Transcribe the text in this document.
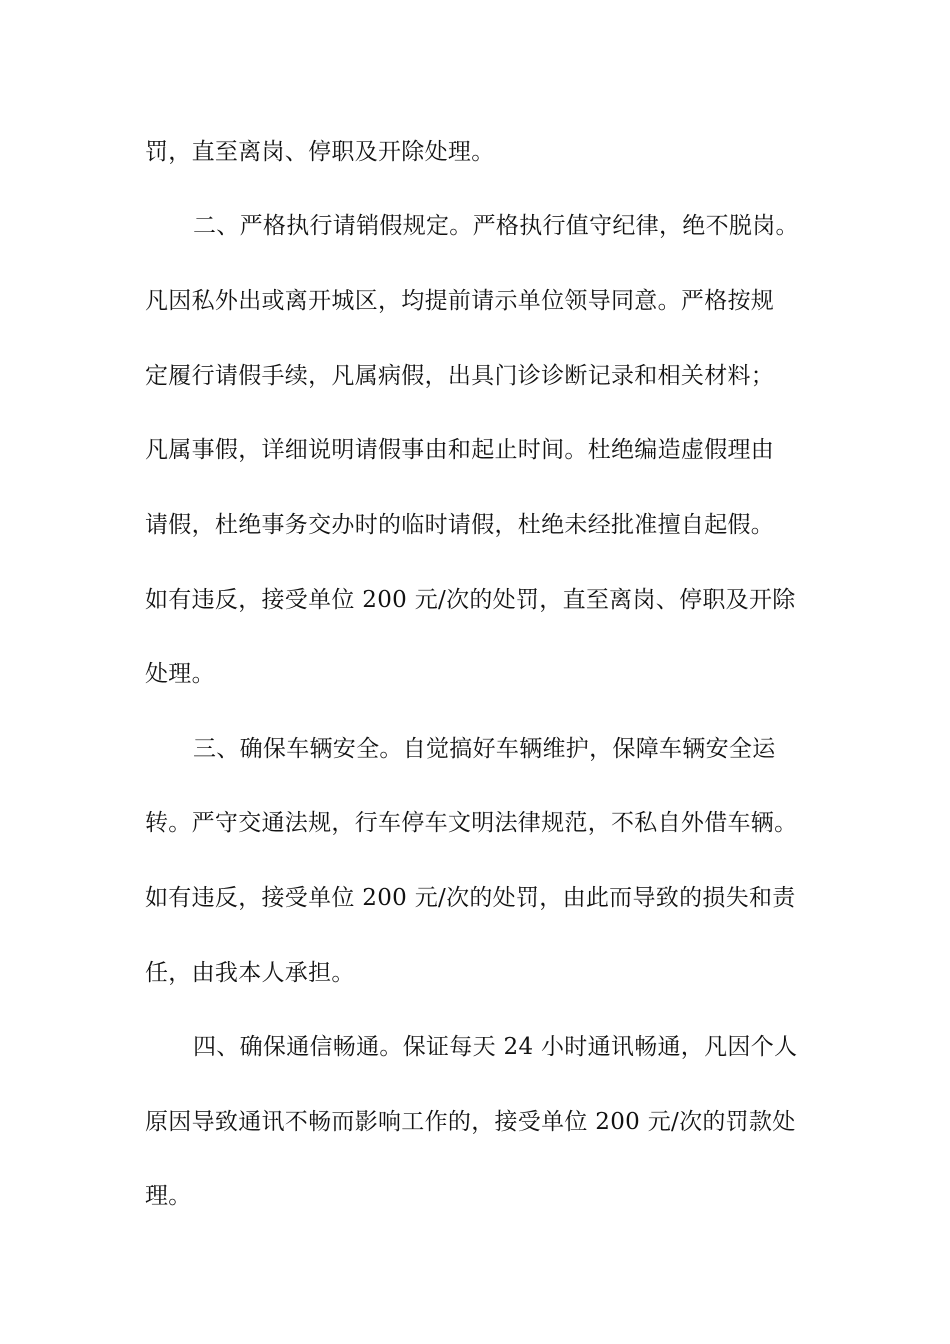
罚，直至离岗、停职及开除处理。
二、严格执行请销假规定。严格执行值守纪律，绝不脱岗。
凡因私外出或离开城区，均提前请示单位领导同意。严格按规
定履行请假手续，凡属病假，出具门诊诊断记录和相关材料；
凡属事假，详细说明请假事由和起止时间。杜绝编造虚假理由
请假，杜绝事务交办时的临时请假，杜绝未经批准擅自起假。
如有违反，接受单位 200 元/次的处罚，直至离岗、停职及开除
处理。
三、确保车辆安全。自觉搞好车辆维护，保障车辆安全运
转。严守交通法规，行车停车文明法律规范，不私自外借车辆。
如有违反，接受单位 200 元/次的处罚，由此而导致的损失和责
任，由我本人承担。
四、确保通信畅通。保证每天 24 小时通讯畅通，凡因个人
原因导致通讯不畅而影响工作的，接受单位 200 元/次的罚款处
理。
